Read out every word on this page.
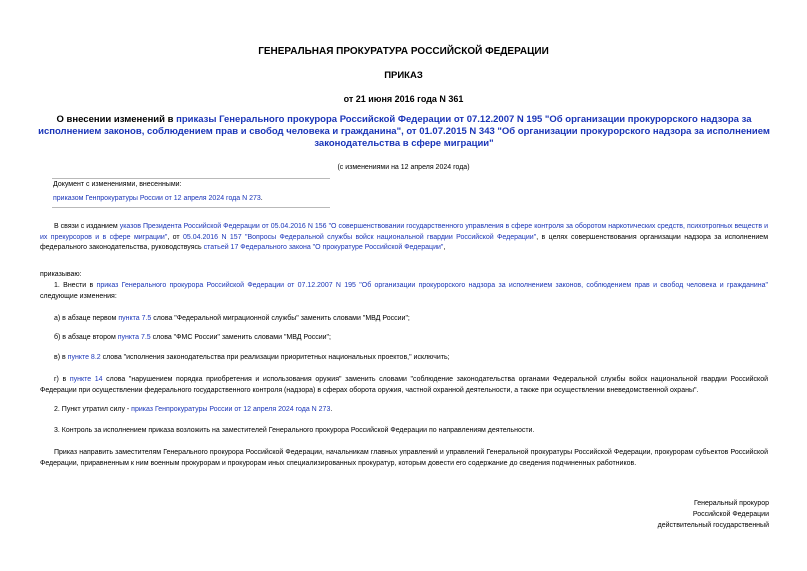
ГЕНЕРАЛЬНАЯ ПРОКУРАТУРА РОССИЙСКОЙ ФЕДЕРАЦИИ
ПРИКАЗ
от 21 июня 2016 года N 361
О внесении изменений в приказы Генерального прокурора Российской Федерации от 07.12.2007 N 195 "Об организации прокурорского надзора за исполнением законов, соблюдением прав и свобод человека и гражданина", от 01.07.2015 N 343 "Об организации прокурорского надзора за исполнением законодательства в сфере миграции"
(с изменениями на 12 апреля 2024 года)
Документ с изменениями, внесенными:
приказом Генпрокуратуры России от 12 апреля 2024 года N 273.
В связи с изданием указов Президента Российской Федерации от 05.04.2016 N 156 "О совершенствовании государственного управления в сфере контроля за оборотом наркотических средств, психотропных веществ и их прекурсоров и в сфере миграции", от 05.04.2016 N 157 "Вопросы Федеральной службы войск национальной гвардии Российской Федерации", в целях совершенствования организации надзора за исполнением федерального законодательства, руководствуясь статьей 17 Федерального закона "О прокуратуре Российской Федерации",
приказываю:
1. Внести в приказ Генерального прокурора Российской Федерации от 07.12.2007 N 195 "Об организации прокурорского надзора за исполнением законов, соблюдением прав и свобод человека и гражданина" следующие изменения:
а) в абзаце первом пункта 7.5 слова "Федеральной миграционной службы" заменить словами "МВД России";
б) в абзаце втором пункта 7.5 слова "ФМС России" заменить словами "МВД России";
в) в пункте 8.2 слова "исполнения законодательства при реализации приоритетных национальных проектов," исключить;
г) в пункте 14 слова "нарушением порядка приобретения и использования оружия" заменить словами "соблюдение законодательства органами Федеральной службы войск национальной гвардии Российской Федерации при осуществлении федерального государственного контроля (надзора) в сферах оборота оружия, частной охранной деятельности, а также при осуществлении вневедомственной охраны".
2. Пункт утратил силу - приказ Генпрокуратуры России от 12 апреля 2024 года N 273.
3. Контроль за исполнением приказа возложить на заместителей Генерального прокурора Российской Федерации по направлениям деятельности.
Приказ направить заместителям Генерального прокурора Российской Федерации, начальникам главных управлений и управлений Генеральной прокуратуры Российской Федерации, прокурорам субъектов Российской Федерации, приравненным к ним военным прокурорам и прокурорам иных специализированных прокуратур, которым довести его содержание до сведения подчиненных работников.
Генеральный прокурор
Российской Федерации
действительный государственный
